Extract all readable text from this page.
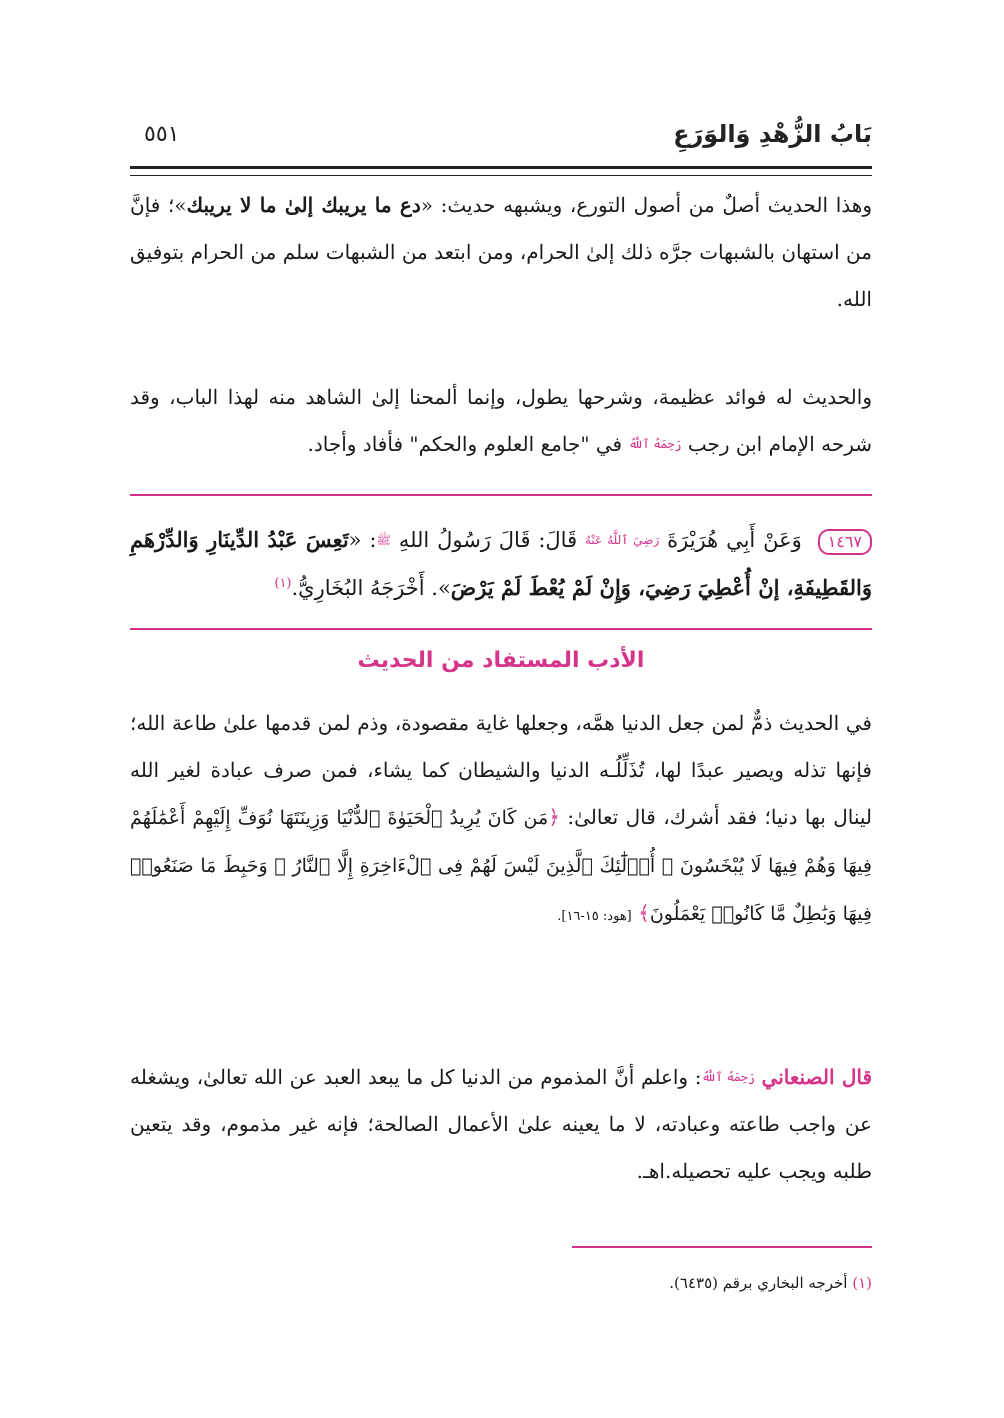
بَابُ الزُّهْدِ وَالوَرَعِ
٥٥١
وهذا الحديث أصلٌ من أصول التورع، ويشبهه حديث: «دع ما يريبك إلىٰ ما لا يريبك»؛ فإنَّ من استهان بالشبهات جرَّه ذلك إلىٰ الحرام، ومن ابتعد من الشبهات سلم من الحرام بتوفيق الله.
والحديث له فوائد عظيمة، وشرحها يطول، وإنما ألمحنا إلىٰ الشاهد منه لهذا الباب، وقد شرحه الإمام ابن رجب $^{رَحِمَهُ ٱللَّهُ}$ في "جامع العلوم والحكم" فأفاد وأجاد.
١٤٦٧ وَعَنْ أَبِي هُرَيْرَةَ $^{رَضِيَ ٱللَّهُ عَنْهُ}$ قَالَ: قَالَ رَسُولُ اللهِ $^ﷺ$: «تَعِسَ عَبْدُ الدِّينَارِ وَالدِّرْهَمِ وَالقَطِيفَةِ، إنْ أُعْطِيَ رَضِيَ، وَإِنْ لَمْ يُعْطَ لَمْ يَرْضَ». أَخْرَجَهُ البُخَارِيُّ.$^{(١)}$
الأدب المستفاد من الحديث
في الحديث ذمٌّ لمن جعل الدنيا همَّه، وجعلها غاية مقصودة، وذم لمن قدمها علىٰ طاعة الله؛ فإنها تذله ويصير عبدًا لها، تُذَلِّلُـه الدنيا والشيطان كما يشاء، فمن صرف عبادة لغير الله لينال بها دنيا؛ فقد أشرك، قال تعالىٰ: ﴿مَن كَانَ يُرِيدُ ٱلْحَيَوٰةَ ٱلدُّنْيَا وَزِينَتَهَا نُوَفِّ إِلَيْهِمْ أَعْمَٰلَهُمْ فِيهَا وَهُمْ فِيهَا لَا يُبْخَسُونَ ۞ أُو۟لَٰٓئِكَ ٱلَّذِينَ لَيْسَ لَهُمْ فِى ٱلْءَاخِرَةِ إِلَّا ٱلنَّارُ ۖ وَحَبِطَ مَا صَنَعُوا۟ فِيهَا وَبَٰطِلٌ مَّا كَانُوا۟ يَعْمَلُونَ﴾ [هود: ١٥-١٦].
قال الصنعاني $^{رَحِمَهُ ٱللَّهُ}$: واعلم أنَّ المذموم من الدنيا كل ما يبعد العبد عن الله تعالىٰ، ويشغله عن واجب طاعته وعبادته، لا ما يعينه علىٰ الأعمال الصالحة؛ فإنه غير مذموم، وقد يتعين طلبه ويجب عليه تحصيله.اهـ.
(١) أخرجه البخاري برقم (٦٤٣٥).
